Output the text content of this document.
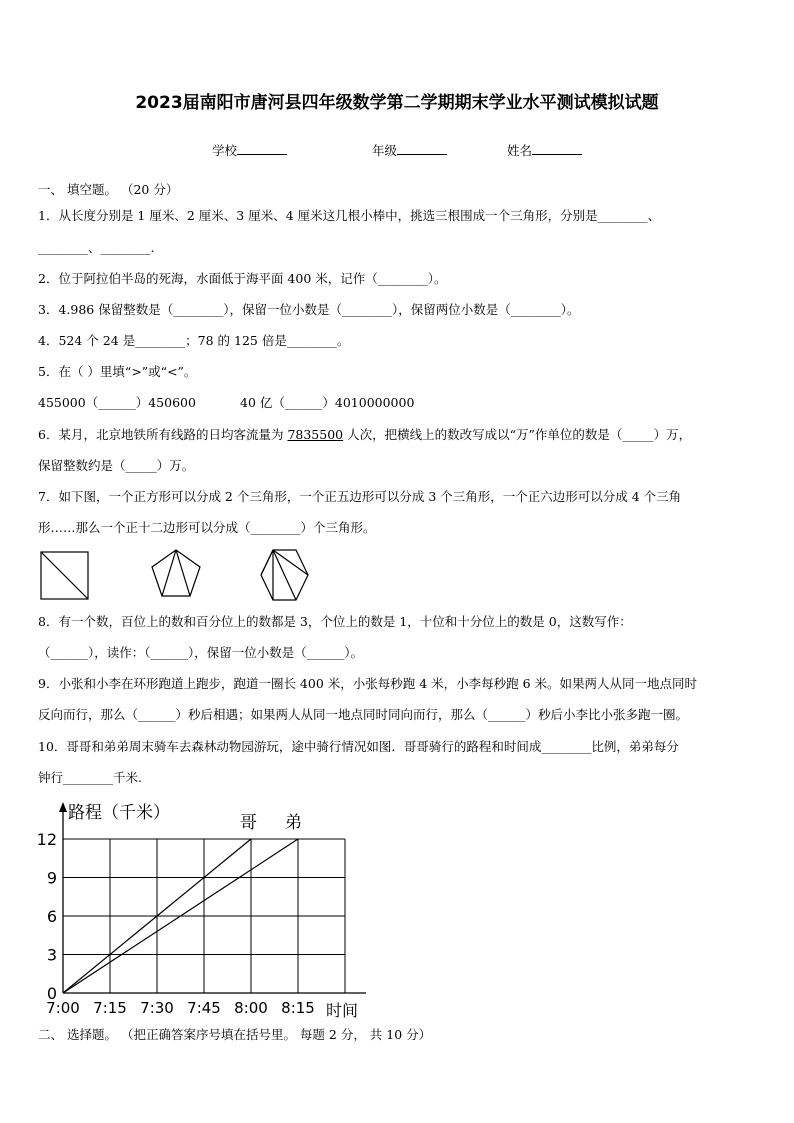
2023届南阳市唐河县四年级数学第二学期期末学业水平测试模拟试题
学校	年级	姓名
一、 填空题。 （20 分）
1．从长度分别是 1 厘米、2 厘米、3 厘米、4 厘米这几根小棒中，挑选三根围成一个三角形，分别是________、
________、________.
2．位于阿拉伯半岛的死海，水面低于海平面 400 米，记作（________）。
3．4.986 保留整数是（________），保留一位小数是（________），保留两位小数是（________）。
4．524 个 24 是________；78 的 125 倍是________。
5．在（ ）里填“>”或“<”。
455000（______）450600	40 亿（______）4010000000
6．某月，北京地铁所有线路的日均客流量为 7835500 人次，把横线上的数改写成以“万”作单位的数是（_____）万，
保留整数约是（_____）万。
7．如下图，一个正方形可以分成 2 个三角形，一个正五边形可以分成 3 个三角形，一个正六边形可以分成 4 个三角
形……那么一个正十二边形可以分成（________）个三角形。
8．有一个数，百位上的数和百分位上的数都是 3，个位上的数是 1，十位和十分位上的数是 0，这数写作：
（______），读作：（______），保留一位小数是（______）。
9．小张和小李在环形跑道上跑步，跑道一圈长 400 米，小张每秒跑 4 米，小李每秒跑 6 米。如果两人从同一地点同时
反向而行，那么（______）秒后相遇；如果两人从同一地点同时同向而行，那么（______）秒后小李比小张多跑一圈。
10．哥哥和弟弟周末骑车去森林动物园游玩，途中骑行情况如图．哥哥骑行的路程和时间成________比例，弟弟每分
钟行________千米.
0
3
6
9
12
7:00 7:15 7:30 7:45 8:00 8:15
路程（千米）
时间
哥 弟
二、 选择题。 （把正确答案序号填在括号里。 每题 2 分， 共 10 分）
